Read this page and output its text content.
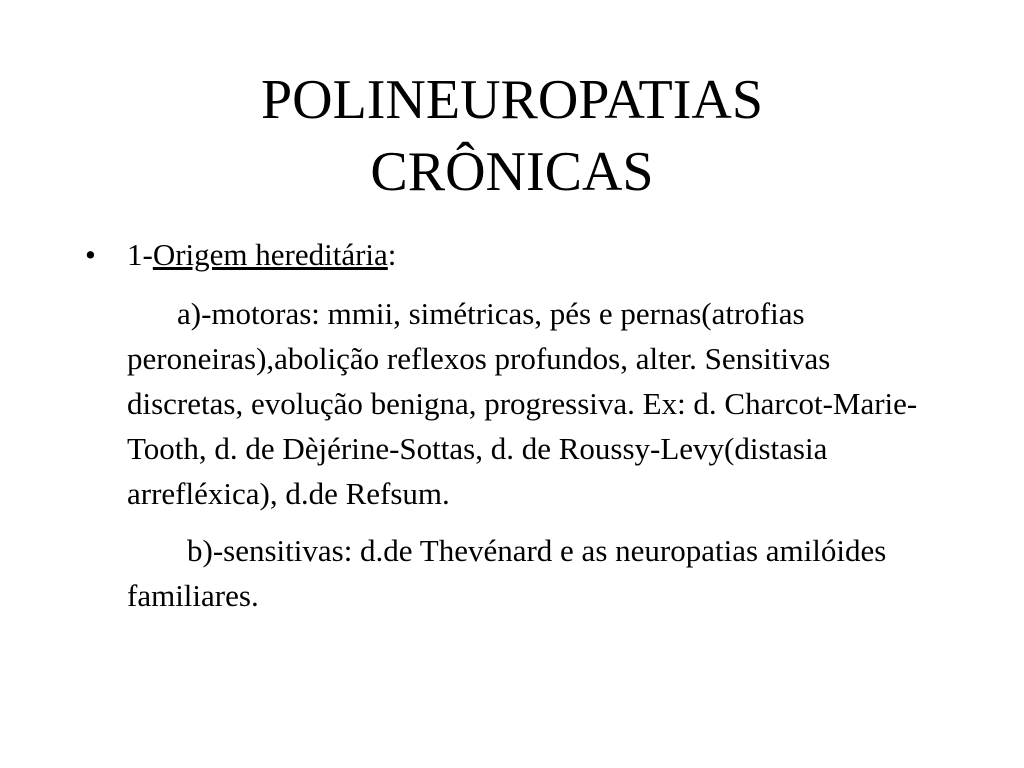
POLINEUROPATIAS
CRÔNICAS
•	1-Origem hereditária:

a)-motoras: mmii, simétricas, pés e pernas(atrofias peroneiras),abolição reflexos profundos, alter. Sensitivas discretas, evolução benigna, progressiva. Ex: d. Charcot-Marie-Tooth, d. de Dèjérine-Sottas, d. de Roussy-Levy(distasia arrefléxica), d.de Refsum.

b)-sensitivas: d.de Thevénard e as neuropatias amilóides familiares.
